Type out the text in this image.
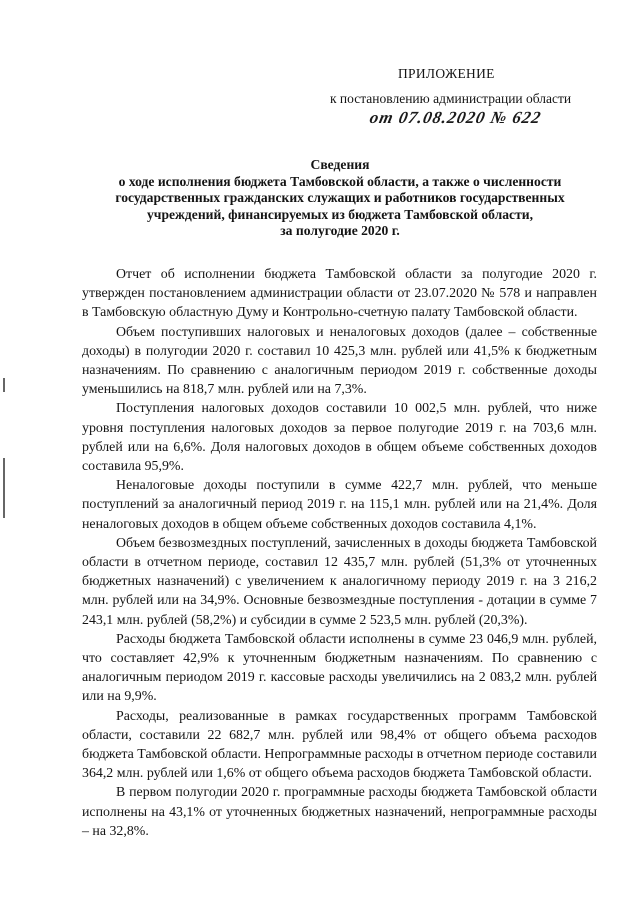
ПРИЛОЖЕНИЕ
к постановлению администрации области
от 07.08.2020 № 622
Сведения
о ходе исполнения бюджета Тамбовской области, а также о численности
государственных гражданских служащих и работников государственных
учреждений, финансируемых из бюджета Тамбовской области,
за полугодие 2020 г.

Отчет об исполнении бюджета Тамбовской области за полугодие 2020 г. утвержден постановлением администрации области от 23.07.2020 № 578 и направлен в Тамбовскую областную Думу и Контрольно-счетную палату Тамбовской области.

Объем поступивших налоговых и неналоговых доходов (далее – собственные доходы) в полугодии 2020 г. составил 10 425,3 млн. рублей или 41,5% к бюджетным назначениям. По сравнению с аналогичным периодом 2019 г. собственные доходы уменьшились на 818,7 млн. рублей или на 7,3%.

Поступления налоговых доходов составили 10 002,5 млн. рублей, что ниже уровня поступления налоговых доходов за первое полугодие 2019 г. на 703,6 млн. рублей или на 6,6%. Доля налоговых доходов в общем объеме собственных доходов составила 95,9%.

Неналоговые доходы поступили в сумме 422,7 млн. рублей, что меньше поступлений за аналогичный период 2019 г. на 115,1 млн. рублей или на 21,4%. Доля неналоговых доходов в общем объеме собственных доходов составила 4,1%.

Объем безвозмездных поступлений, зачисленных в доходы бюджета Тамбовской области в отчетном периоде, составил 12 435,7 млн. рублей (51,3% от уточненных бюджетных назначений) с увеличением к аналогичному периоду 2019 г. на 3 216,2 млн. рублей или на 34,9%. Основные безвозмездные поступления - дотации в сумме 7 243,1 млн. рублей (58,2%) и субсидии в сумме 2 523,5 млн. рублей (20,3%).

Расходы бюджета Тамбовской области исполнены в сумме 23 046,9 млн. рублей, что составляет 42,9% к уточненным бюджетным назначениям. По сравнению с аналогичным периодом 2019 г. кассовые расходы увеличились на 2 083,2 млн. рублей или на 9,9%.

Расходы, реализованные в рамках государственных программ Тамбовской области, составили 22 682,7 млн. рублей или 98,4% от общего объема расходов бюджета Тамбовской области. Непрограммные расходы в отчетном периоде составили 364,2 млн. рублей или 1,6% от общего объема расходов бюджета Тамбовской области.

В первом полугодии 2020 г. программные расходы бюджета Тамбовской области исполнены на 43,1% от уточненных бюджетных назначений, непрограммные расходы – на 32,8%.
